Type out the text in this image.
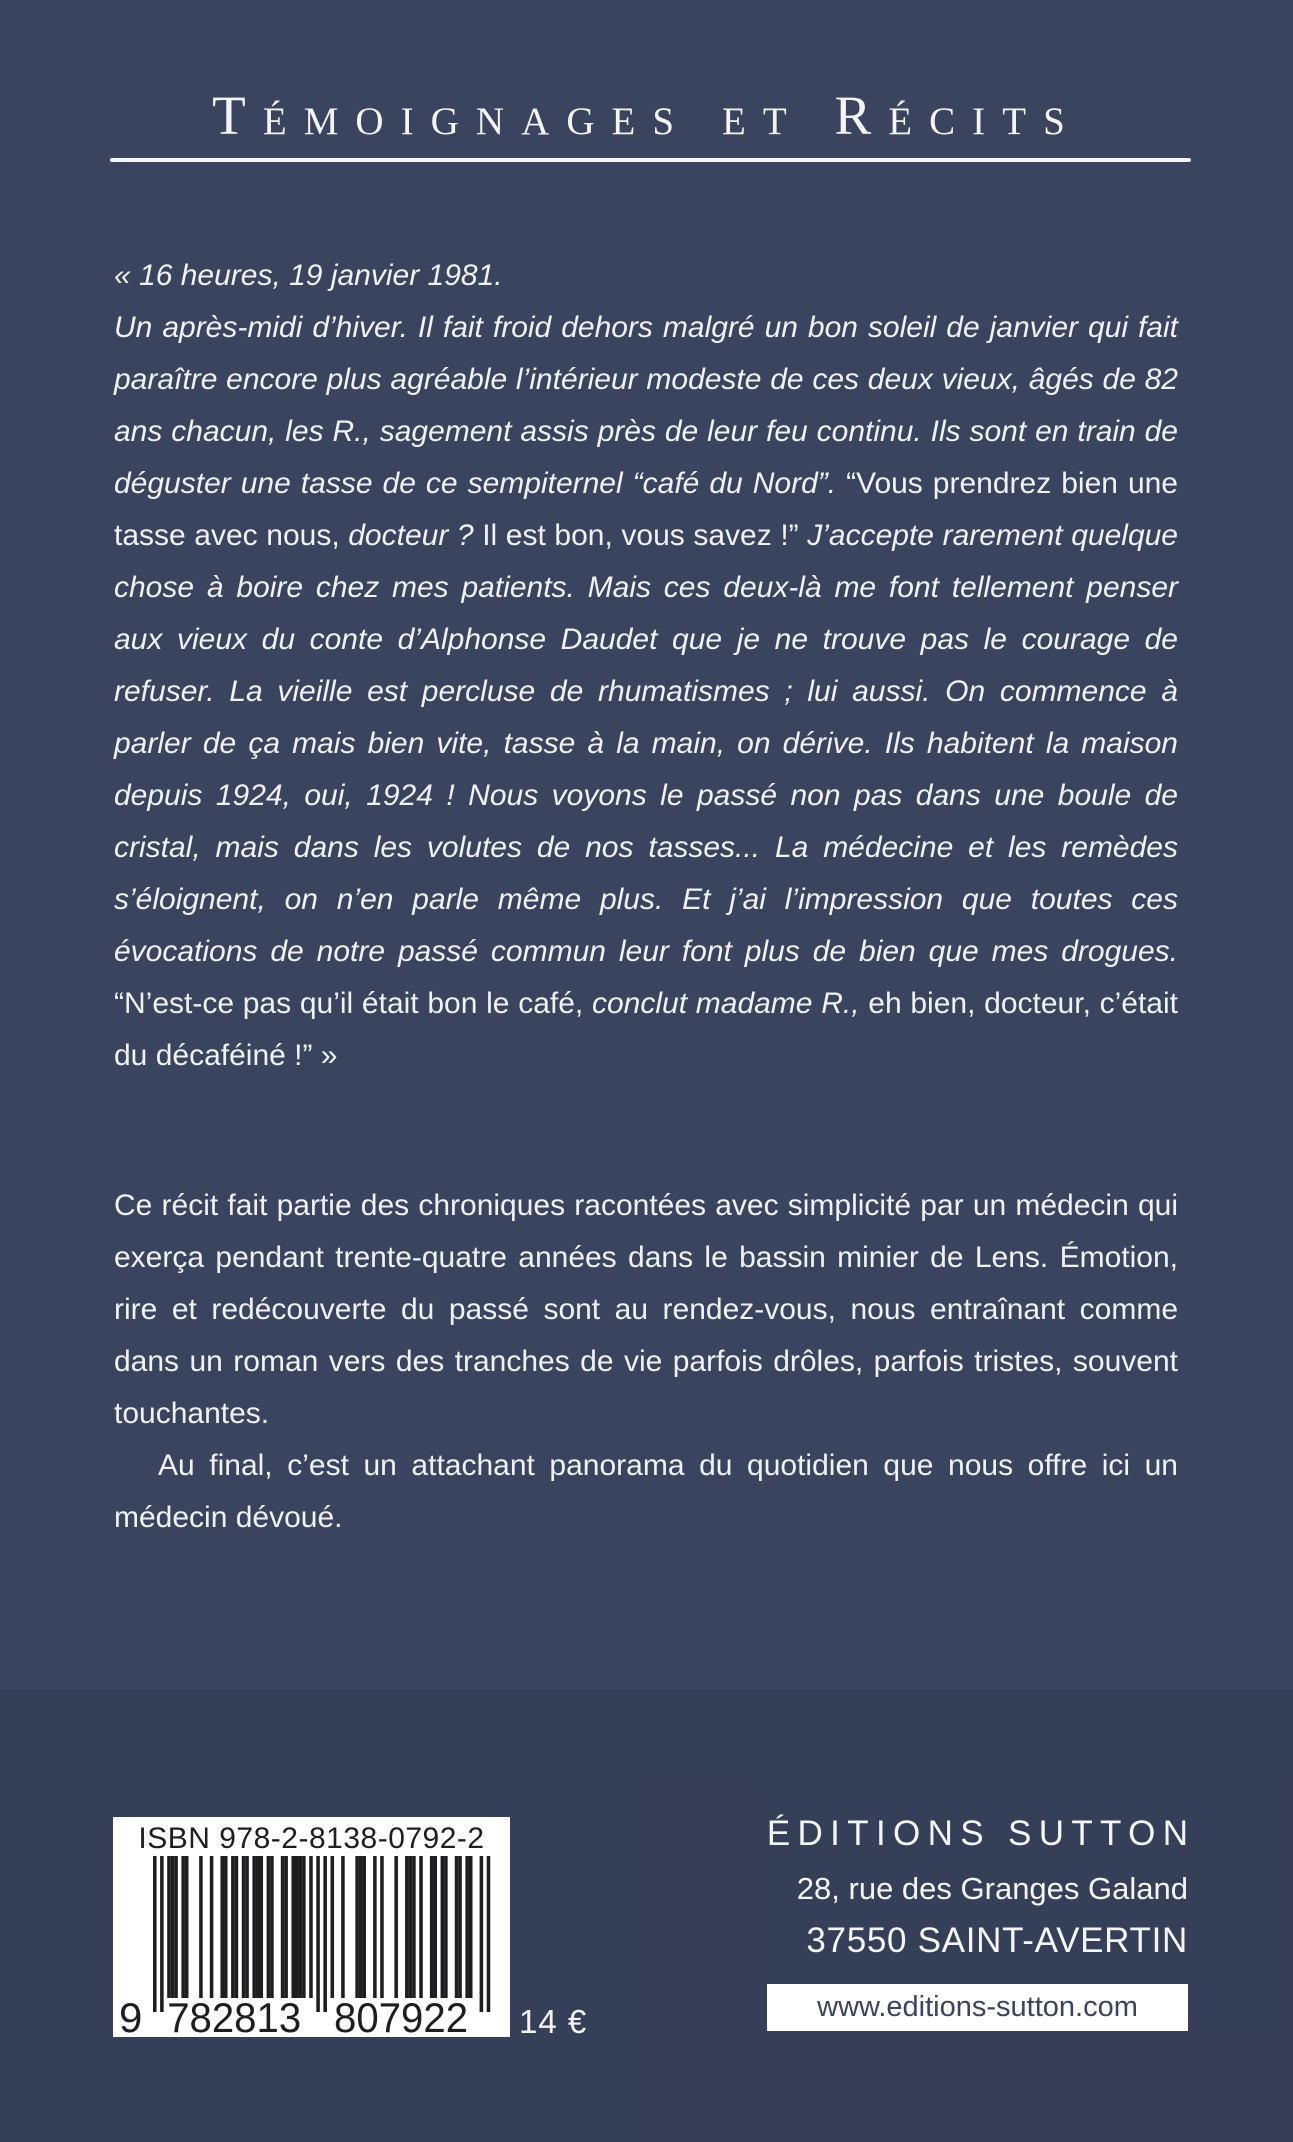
Témoignages et Récits

« 16 heures, 19 janvier 1981.
Un après-midi d’hiver. Il fait froid dehors malgré un bon soleil de janvier qui fait paraître encore plus agréable l’intérieur modeste de ces deux vieux, âgés de 82 ans chacun, les R., sagement assis près de leur feu continu. Ils sont en train de déguster une tasse de ce sempiternel “café du Nord”. “Vous prendrez bien une tasse avec nous, docteur ? Il est bon, vous savez !” J’accepte rarement quelque chose à boire chez mes patients. Mais ces deux-là me font tellement penser aux vieux du conte d’Alphonse Daudet que je ne trouve pas le courage de refuser. La vieille est percluse de rhumatismes ; lui aussi. On commence à parler de ça mais bien vite, tasse à la main, on dérive. Ils habitent la maison depuis 1924, oui, 1924 ! Nous voyons le passé non pas dans une boule de cristal, mais dans les volutes de nos tasses... La médecine et les remèdes s’éloignent, on n’en parle même plus. Et j’ai l’impression que toutes ces évocations de notre passé commun leur font plus de bien que mes drogues. “N’est-ce pas qu’il était bon le café, conclut madame R., eh bien, docteur, c’était du décaféiné !” »

Ce récit fait partie des chroniques racontées avec simplicité par un médecin qui exerça pendant trente-quatre années dans le bassin minier de Lens. Émotion, rire et redécouverte du passé sont au rendez-vous, nous entraînant comme dans un roman vers des tranches de vie parfois drôles, parfois tristes, souvent touchantes.

Au final, c’est un attachant panorama du quotidien que nous offre ici un médecin dévoué.

ISBN 978-2-8138-0792-2
9 782813 807922 14 €
ÉDITIONS SUTTON
28, rue des Granges Galand
37550 SAINT-AVERTIN
www.editions-sutton.com
